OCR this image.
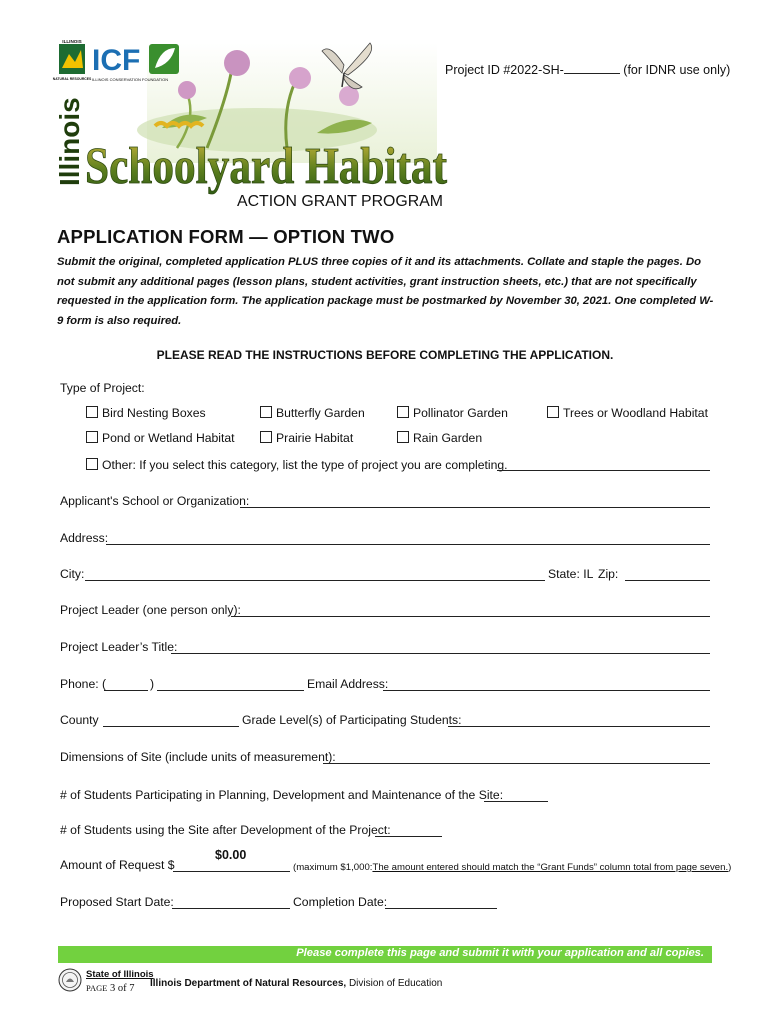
ILLINOIS
NATURAL RESOURCES
ICF
ILLINOIS CONSERVATION FOUNDATION
Illinois Schoolyard Habitat
ACTION GRANT PROGRAM
Project ID #2022-SH-	(for IDNR use only)
APPLICATION FORM — OPTION TWO
Submit the original, completed application PLUS three copies of it and its attachments. Collate and staple the pages. Do not submit any additional pages (lesson plans, student activities, grant instruction sheets, etc.) that are not specifically requested in the application form. The application package must be postmarked by November 30, 2021. One completed W-9 form is also required.
PLEASE READ THE INSTRUCTIONS BEFORE COMPLETING THE APPLICATION.
Type of Project:
Bird Nesting Boxes	Butterfly Garden	Pollinator Garden	Trees or Woodland Habitat
Pond or Wetland Habitat	Prairie Habitat	Rain Garden
Other: If you select this category, list the type of project you are completing.
Applicant's School or Organization:
Address:
City:	State: IL Zip:
Project Leader (one person only):
Project Leader’s Title:
Phone: (	)	Email Address:
County	Grade Level(s) of Participating Students:
Dimensions of Site (include units of measurement):
# of Students Participating in Planning, Development and Maintenance of the Site:
# of Students using the Site after Development of the Project:
Amount of Request $
$0.00
(maximum $1,000:The amount entered should match the “Grant Funds” column total from page seven.)
Proposed Start Date:	Completion Date:
Please complete this page and submit it with your application and all copies.
State of Illinois
PAGE 3 of 7 Illinois Department of Natural Resources, Division of Education
